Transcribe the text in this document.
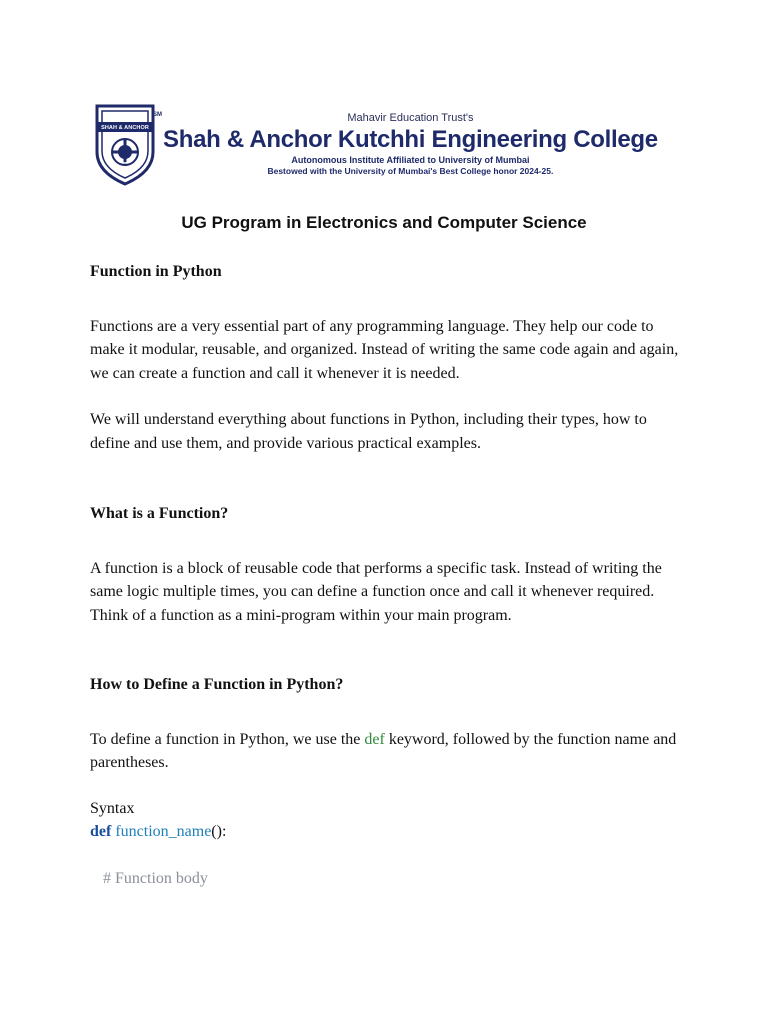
SHAH & ANCHOR
SM	Mahavir Education Trust's
Shah & Anchor Kutchhi Engineering College
Autonomous Institute Affiliated to University of Mumbai
Bestowed with the University of Mumbai's Best College honor 2024-25.
UG Program in Electronics and Computer Science
Function in Python

Functions are a very essential part of any programming language. They help our code to make it modular, reusable, and organized. Instead of writing the same code again and again, we can create a function and call it whenever it is needed.

We will understand everything about functions in Python, including their types, how to define and use them, and provide various practical examples.

What is a Function?

A function is a block of reusable code that performs a specific task. Instead of writing the same logic multiple times, you can define a function once and call it whenever required. Think of a function as a mini-program within your main program.

How to Define a Function in Python?

To define a function in Python, we use the def keyword, followed by the function name and parentheses.

Syntax

def function_name():

# Function body
